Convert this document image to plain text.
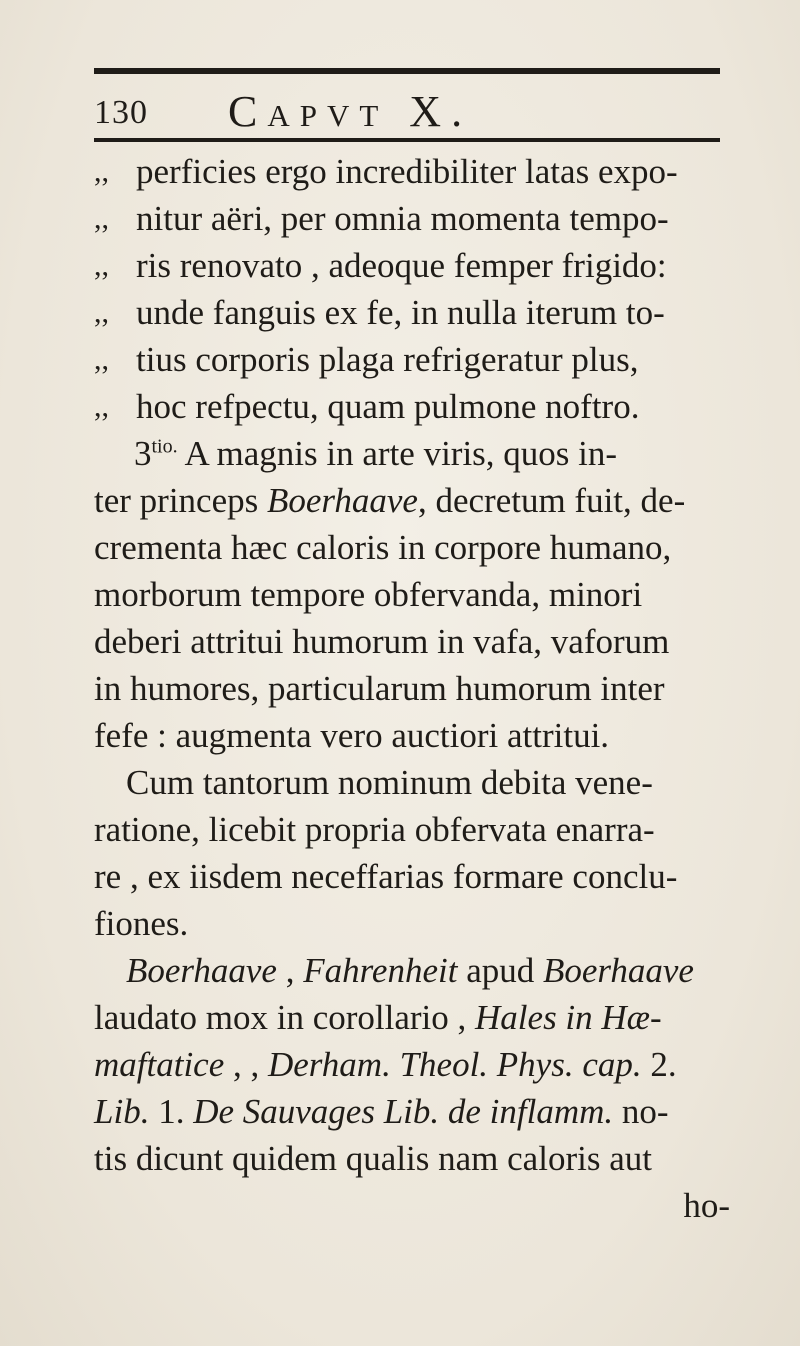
130 Capvt X.
,, perficies ergo incredibiliter latas expo-
,, nitur aëri, per omnia momenta tempo-
,, ris renovato , adeoque femper frigido:
,, unde fanguis ex fe, in nulla iterum to-
,, tius corporis plaga refrigeratur plus,
,, hoc refpectu, quam pulmone noftro.
$3^{tio.}$ A magnis in arte viris, quos in-
ter princeps Boerhaave, decretum fuit, de-
crementa hæc caloris in corpore humano,
morborum tempore obfervanda, minori
deberi attritui humorum in vafa, vaforum
in humores, particularum humorum inter
fefe : augmenta vero auctiori attritui.
Cum tantorum nominum debita vene-
ratione, licebit propria obfervata enarra-
re , ex iisdem neceffarias formare conclu-
fiones.
Boerhaave , Fahrenheit apud Boerhaave
laudato mox in corollario , Hales in Hæ-
maftatice , , Derham. Theol. Phys. cap. 2.
Lib. 1. De Sauvages Lib. de inflamm. no-
tis dicunt quidem qualis nam caloris aut
ho-
